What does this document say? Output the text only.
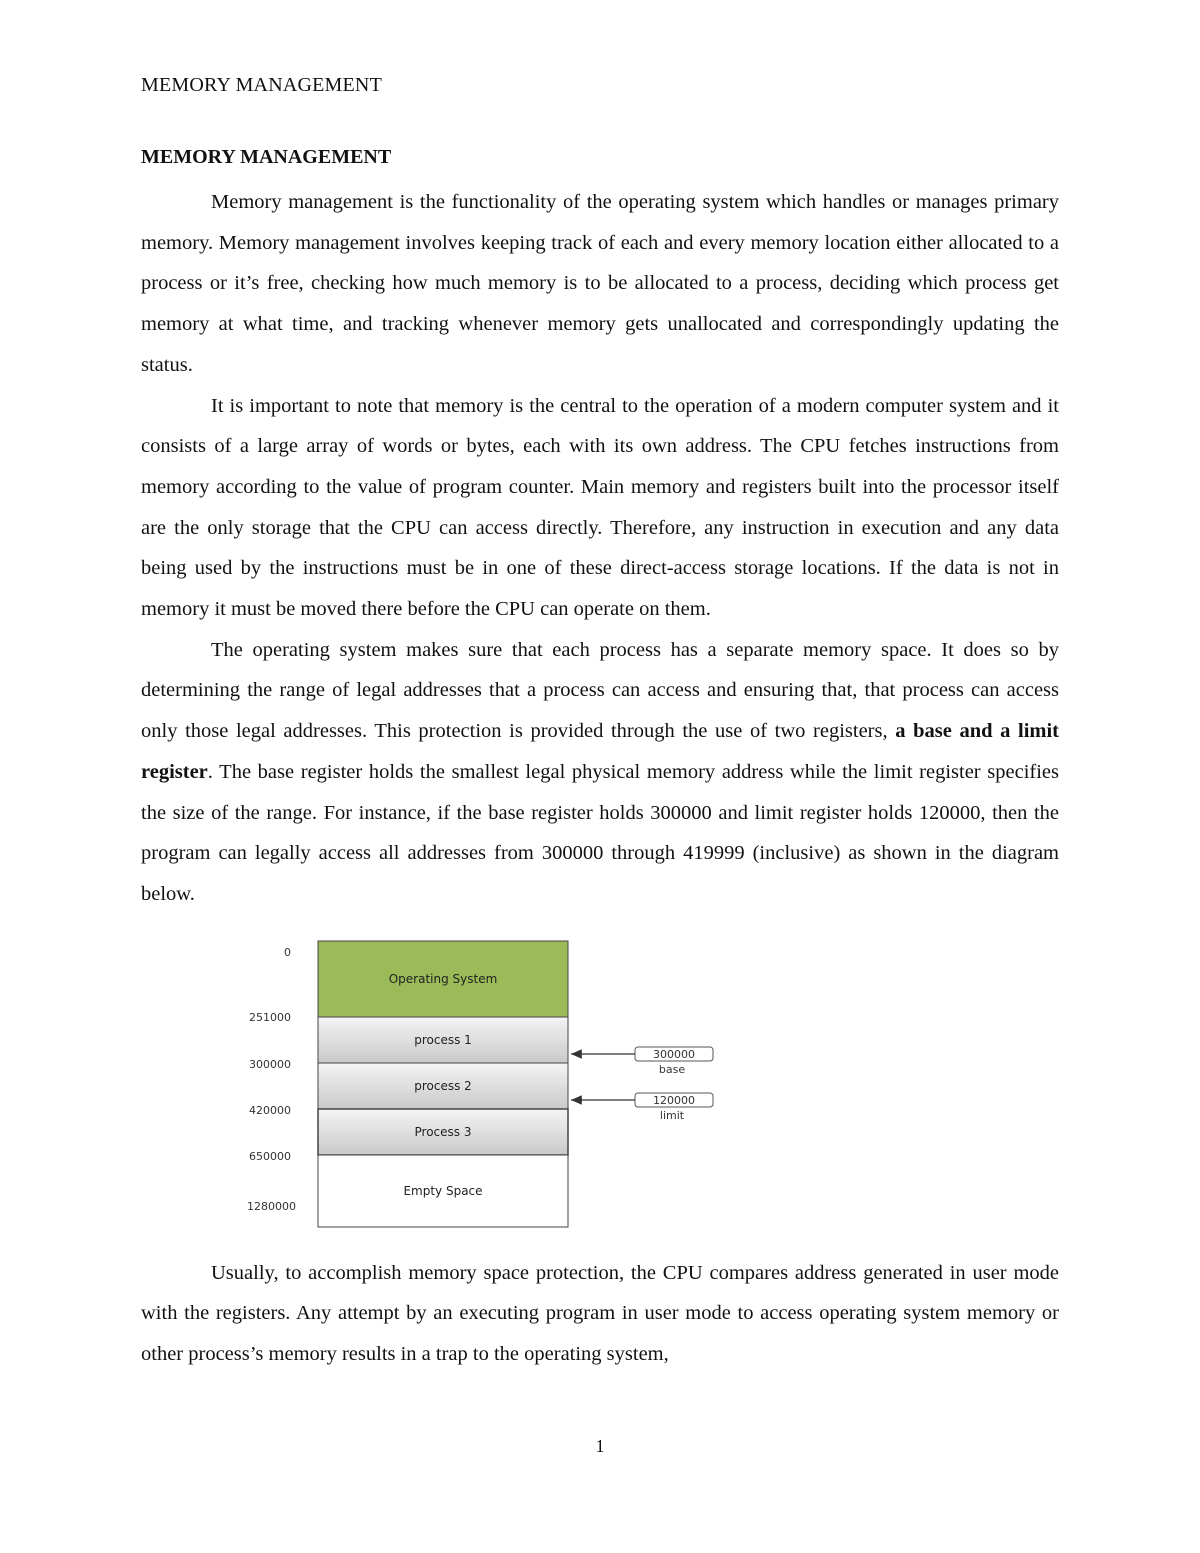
MEMORY MANAGEMENT
MEMORY MANAGEMENT

Memory management is the functionality of the operating system which handles or manages primary memory. Memory management involves keeping track of each and every memory location either allocated to a process or it’s free, checking how much memory is to be allocated to a process, deciding which process get memory at what time, and tracking whenever memory gets unallocated and correspondingly updating the status.

It is important to note that memory is the central to the operation of a modern computer system and it consists of a large array of words or bytes, each with its own address. The CPU fetches instructions from memory according to the value of program counter. Main memory and registers built into the processor itself are the only storage that the CPU can access directly. Therefore, any instruction in execution and any data being used by the instructions must be in one of these direct-access storage locations. If the data is not in memory it must be moved there before the CPU can operate on them.

The operating system makes sure that each process has a separate memory space. It does so by determining the range of legal addresses that a process can access and ensuring that, that process can access only those legal addresses. This protection is provided through the use of two registers, a base and a limit register. The base register holds the smallest legal physical memory address while the limit register specifies the size of the range. For instance, if the base register holds 300000 and limit register holds 120000, then the program can legally access all addresses from 300000 through 419999 (inclusive) as shown in the diagram below.

Operating System
process 1
process 2
Process 3
Empty Space
0
251000
300000
420000
650000
1280000
300000
base
120000
limit

Usually, to accomplish memory space protection, the CPU compares address generated in user mode with the registers. Any attempt by an executing program in user mode to access operating system memory or other process’s memory results in a trap to the operating system,

1
